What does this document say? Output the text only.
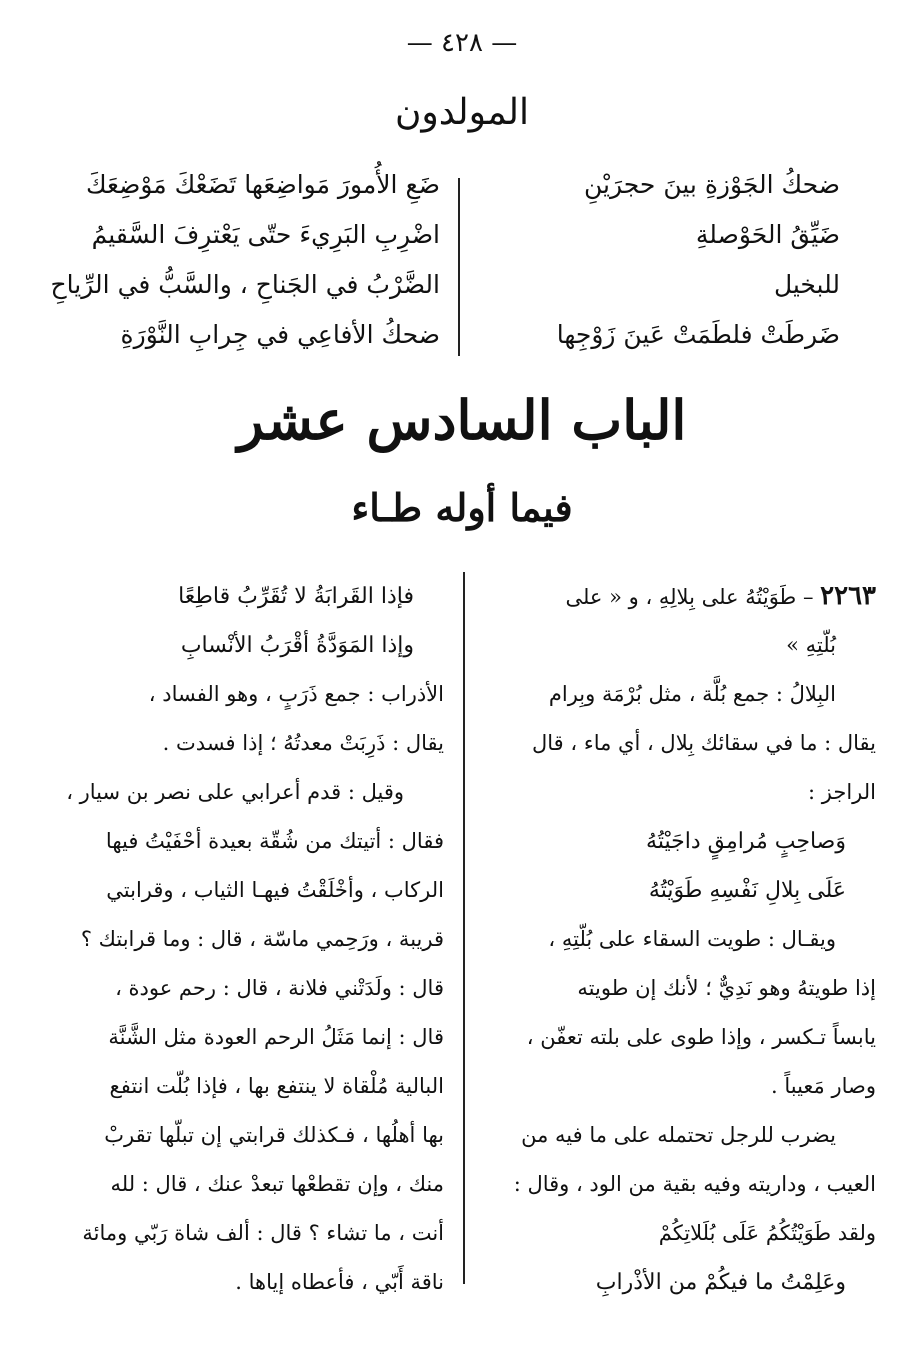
— ٤٢٨ —
المولدون
ضحكُ الجَوْزةِ بينَ حجرَيْنِ
ضَيِّقُ الحَوْصلةِ
للبخيل
ضَرطَتْ فلطَمَتْ عَينَ زَوْجِها
ضَعِ الأُمورَ مَواضِعَها تَضَعْكَ مَوْضِعَكَ
اضْرِبِ البَرِيءَ حتّى يَعْترِفَ السَّقيمُ
الضَّرْبُ في الجَناحِ ، والسَّبُّ في الرِّياحِ
ضحكُ الأفاعِي في جِرابِ النَّوْرَةِ
الباب السادس عشر
فيما أوله طـاء
٢٢٦٣ – طَوَيْتُهُ على بِلالِهِ ، و « على
بُلّتِهِ »
البِلالُ : جمع بُلَّة ، مثل بُرْمَة وبِرام
يقال : ما في سقائك بِلال ، أي ماء ، قال
الراجز :
وَصاحِبٍ مُرامِقٍ داجَيْتُهُ
عَلَى بِلالِ نَفْسِهِ طَوَيْتُهُ
ويقـال : طويت السقاء على بُلّتِهِ ،
إذا طويتهُ وهو نَدِيٌّ ؛ لأنك إن طويته
يابساً تـكسر ، وإذا طوى على بلته تعفّن ،
وصار مَعيباً .
يضرب للرجل تحتمله على ما فيه من
العيب ، وداريته وفيه بقية من الود ، وقال :
ولقد طَوَيْتُكُمُ عَلَى بُلَلاتِكُمْ
وعَلِمْتُ ما فيكُمْ من الأذْرابِ
فإذا القَرابَةُ لا تُقَرِّبُ قاطِعًا
وإذا المَوَدَّةُ أقْرَبُ الأنْسابِ
الأذراب : جمع ذَرَبٍ ، وهو الفساد ،
يقال : ذَرِبَتْ معدتُهُ ؛ إذا فسدت .
وقيل : قدم أعرابي على نصر بن سيار ،
فقال : أتيتك من شُقّة بعيدة أحْفَيْتُ فيها
الركاب ، وأخْلَقْتُ فيهـا الثياب ، وقرابتي
قريبة ، ورَحِمي ماسّة ، قال : وما قرابتك ؟
قال : ولَدَتْني فلانة ، قال : رحم عودة ،
قال : إنما مَثَلُ الرحم العودة مثل الشَّنَّة
البالية مُلْقاة لا ينتفع بها ، فإذا بُلّت انتفع
بها أهلُها ، فـكذلك قرابتي إن تبلّها تقربْ
منك ، وإن تقطعْها تبعدْ عنك ، قال : لله
أنت ، ما تشاء ؟ قال : ألف شاة رَبّي ومائة
ناقة أَبّي ، فأعطاه إياها .
